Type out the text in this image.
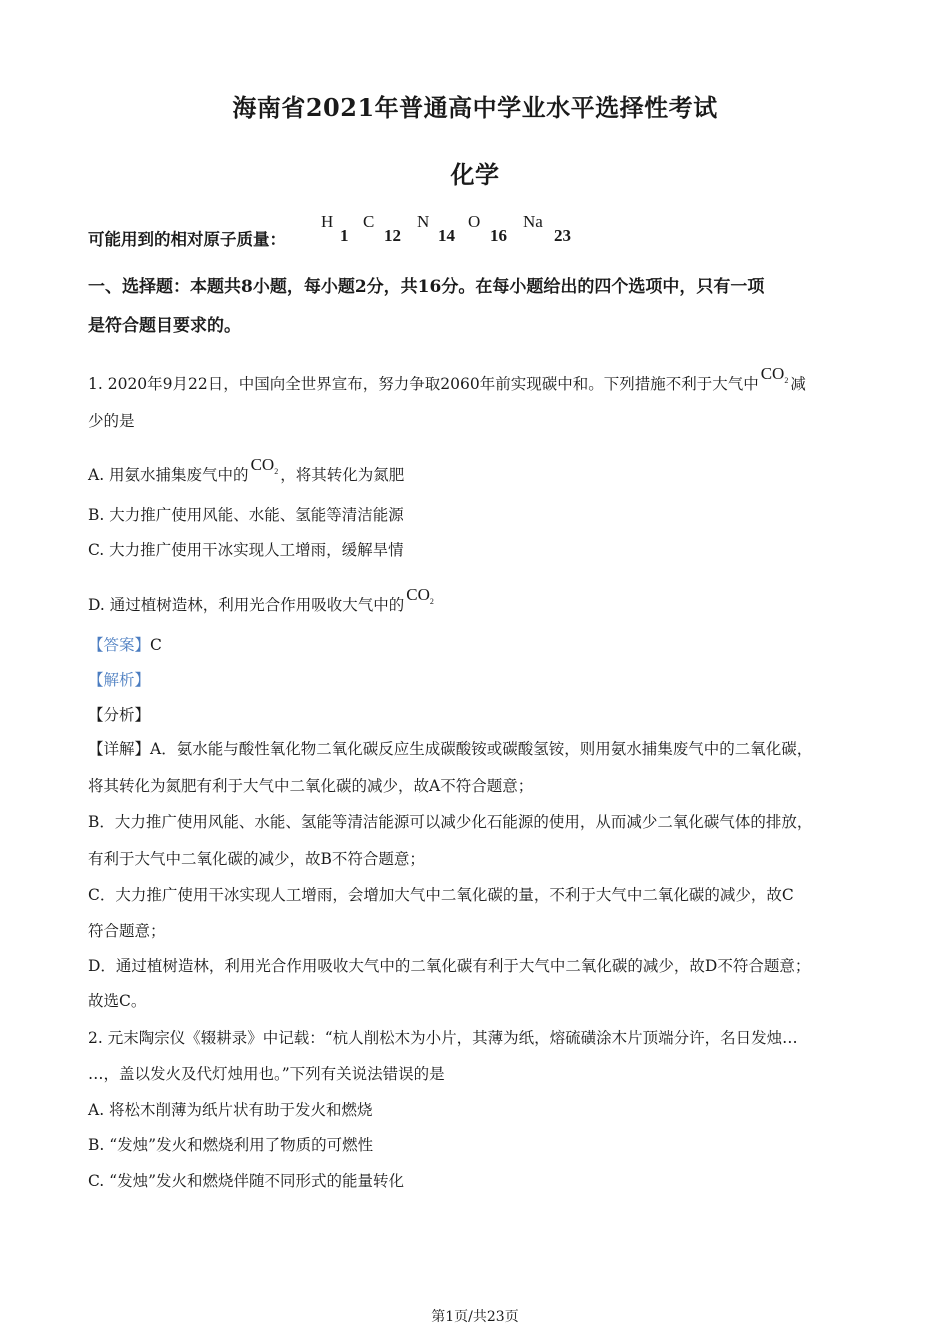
海南省2021年普通高中学业水平选择性考试
化学
可能用到的相对原子质量：
H
1
C
12
N
14
O
16
Na
23
一、选择题：本题共8小题，每小题2分，共16分。在每小题给出的四个选项中，只有一项
是符合题目要求的。
1. 2020年9月22日，中国向全世界宣布，努力争取2060年前实现碳中和。下列措施不利于大气中$CO_2$ 减
少的是
A. 用氨水捕集废气中的$CO_2$ ，将其转化为氮肥
B. 大力推广使用风能、水能、氢能等清洁能源
C. 大力推广使用干冰实现人工增雨，缓解旱情
D. 通过植树造林，利用光合作用吸收大气中的$CO_2$
【答案】C
【解析】
【分析】
【详解】A．氨水能与酸性氧化物二氧化碳反应生成碳酸铵或碳酸氢铵，则用氨水捕集废气中的二氧化碳，
将其转化为氮肥有利于大气中二氧化碳的减少，故A不符合题意；
B．大力推广使用风能、水能、氢能等清洁能源可以减少化石能源的使用，从而减少二氧化碳气体的排放，
有利于大气中二氧化碳的减少，故B不符合题意；
C．大力推广使用干冰实现人工增雨，会增加大气中二氧化碳的量，不利于大气中二氧化碳的减少，故C
符合题意；
D．通过植树造林，利用光合作用吸收大气中的二氧化碳有利于大气中二氧化碳的减少，故D不符合题意；
故选C。
2. 元末陶宗仪《辍耕录》中记载：“杭人削松木为小片，其薄为纸，熔硫磺涂木片顶端分许，名日发烛…
…，盖以发火及代灯烛用也。”下列有关说法错误的是
A. 将松木削薄为纸片状有助于发火和燃烧
B. “发烛”发火和燃烧利用了物质的可燃性
C. “发烛”发火和燃烧伴随不同形式的能量转化
第1页/共23页
